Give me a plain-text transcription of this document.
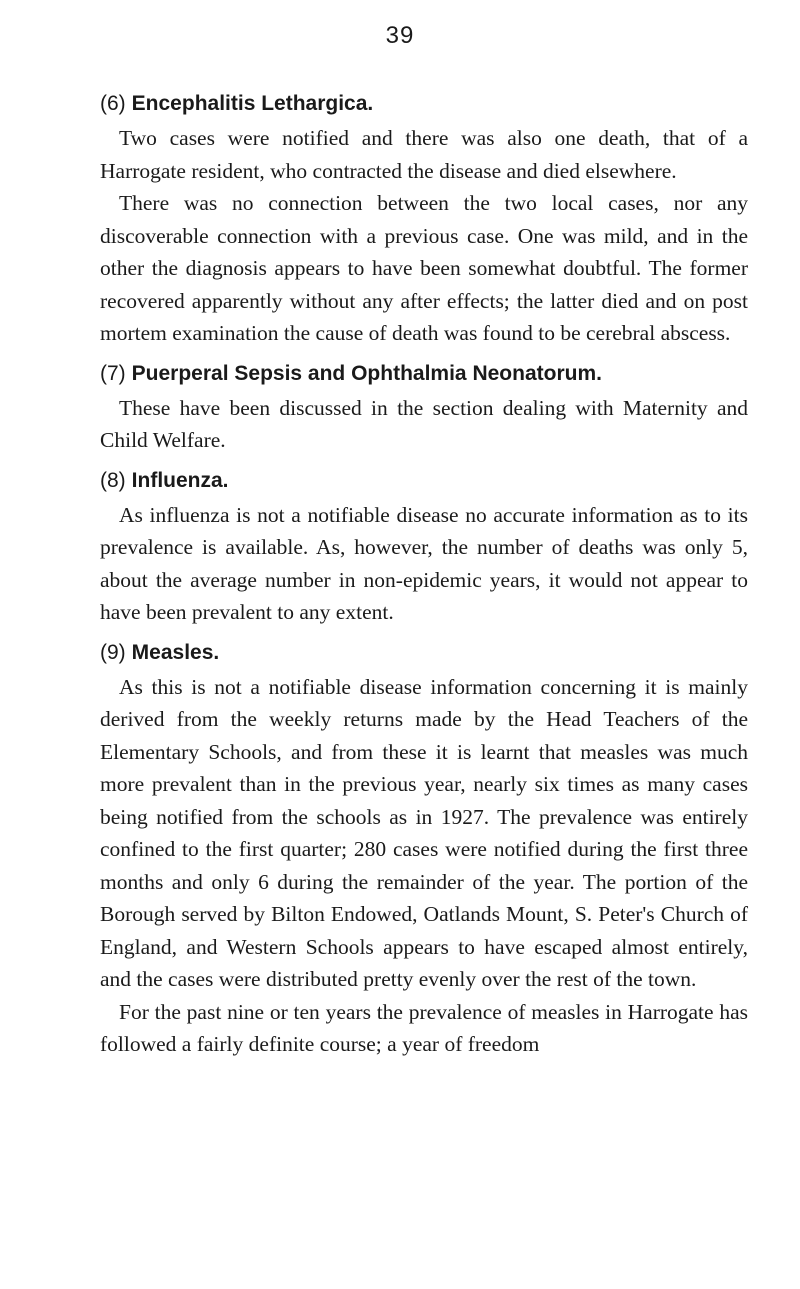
39
(6) Encephalitis Lethargica.

Two cases were notified and there was also one death, that of a Harrogate resident, who contracted the disease and died elsewhere.

There was no connection between the two local cases, nor any discoverable connection with a previous case. One was mild, and in the other the diagnosis appears to have been somewhat doubtful. The former recovered apparently without any after effects; the latter died and on post mortem examination the cause of death was found to be cerebral abscess.

(7) Puerperal Sepsis and Ophthalmia Neonatorum.

These have been discussed in the section dealing with Maternity and Child Welfare.

(8) Influenza.

As influenza is not a notifiable disease no accurate information as to its prevalence is available. As, however, the number of deaths was only 5, about the average number in non-epidemic years, it would not appear to have been prevalent to any extent.

(9) Measles.

As this is not a notifiable disease information concerning it is mainly derived from the weekly returns made by the Head Teachers of the Elementary Schools, and from these it is learnt that measles was much more prevalent than in the previous year, nearly six times as many cases being notified from the schools as in 1927. The prevalence was entirely confined to the first quarter; 280 cases were notified during the first three months and only 6 during the remainder of the year. The portion of the Borough served by Bilton Endowed, Oatlands Mount, S. Peter's Church of England, and Western Schools appears to have escaped almost entirely, and the cases were distributed pretty evenly over the rest of the town.

For the past nine or ten years the prevalence of measles in Harrogate has followed a fairly definite course; a year of freedom
